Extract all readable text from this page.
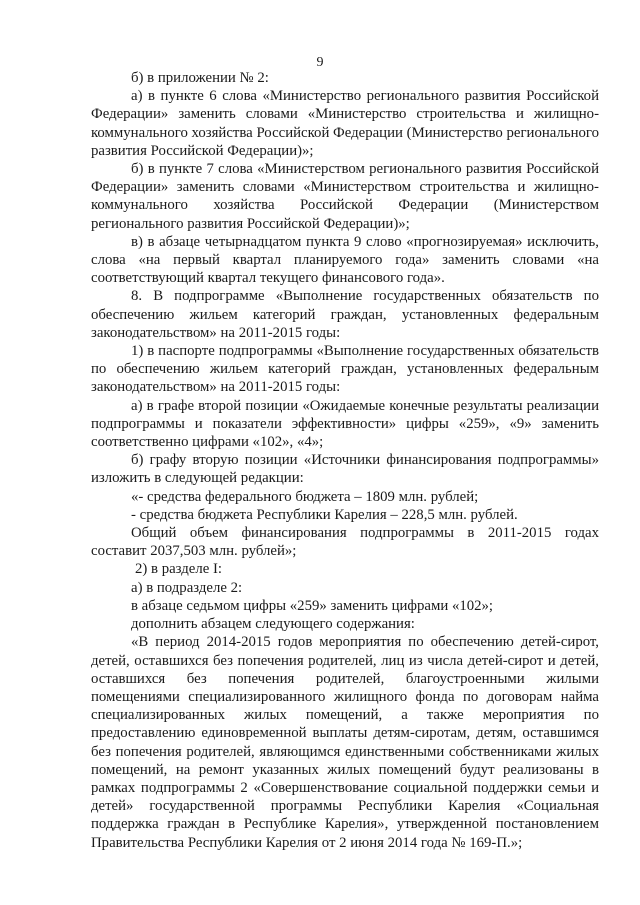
9

б) в приложении № 2:

а) в пункте 6 слова «Министерство регионального развития Российской Федерации» заменить словами «Министерство строительства и жилищно-коммунального хозяйства Российской Федерации (Министерство регионального развития Российской Федерации)»;

б) в пункте 7 слова «Министерством регионального развития Российской Федерации» заменить словами «Министерством строительства и жилищно-коммунального хозяйства Российской Федерации (Министерством регионального развития Российской Федерации)»;

в) в абзаце четырнадцатом пункта 9 слово «прогнозируемая» исключить, слова «на первый квартал планируемого года» заменить словами «на соответствующий квартал текущего финансового года».

8. В подпрограмме «Выполнение государственных обязательств по обеспечению жильем категорий граждан, установленных федеральным законодательством» на 2011-2015 годы:

1) в паспорте подпрограммы «Выполнение государственных обязательств по обеспечению жильем категорий граждан, установленных федеральным законодательством» на 2011-2015 годы:

а) в графе второй позиции «Ожидаемые конечные результаты реализации подпрограммы и показатели эффективности» цифры «259», «9» заменить соответственно цифрами «102», «4»;

б) графу вторую позиции «Источники финансирования подпрограммы» изложить в следующей редакции:

«- средства федерального бюджета – 1809 млн. рублей;

- средства бюджета Республики Карелия – 228,5 млн. рублей.

Общий объем финансирования подпрограммы в 2011-2015 годах составит 2037,503 млн. рублей»;

2) в разделе I:

а) в подразделе 2:

в абзаце седьмом цифры «259» заменить цифрами «102»;

дополнить абзацем следующего содержания:

«В период 2014-2015 годов мероприятия по обеспечению детей-сирот, детей, оставшихся без попечения родителей, лиц из числа детей-сирот и детей, оставшихся без попечения родителей, благоустроенными жилыми помещениями специализированного жилищного фонда по договорам найма специализированных жилых помещений, а также мероприятия по предоставлению единовременной выплаты детям-сиротам, детям, оставшимся без попечения родителей, являющимся единственными собственниками жилых помещений, на ремонт указанных жилых помещений будут реализованы в рамках подпрограммы 2 «Совершенствование социальной поддержки семьи и детей» государственной программы Республики Карелия «Социальная поддержка граждан в Республике Карелия», утвержденной постановлением Правительства Республики Карелия от 2 июня 2014 года № 169-П.»;
